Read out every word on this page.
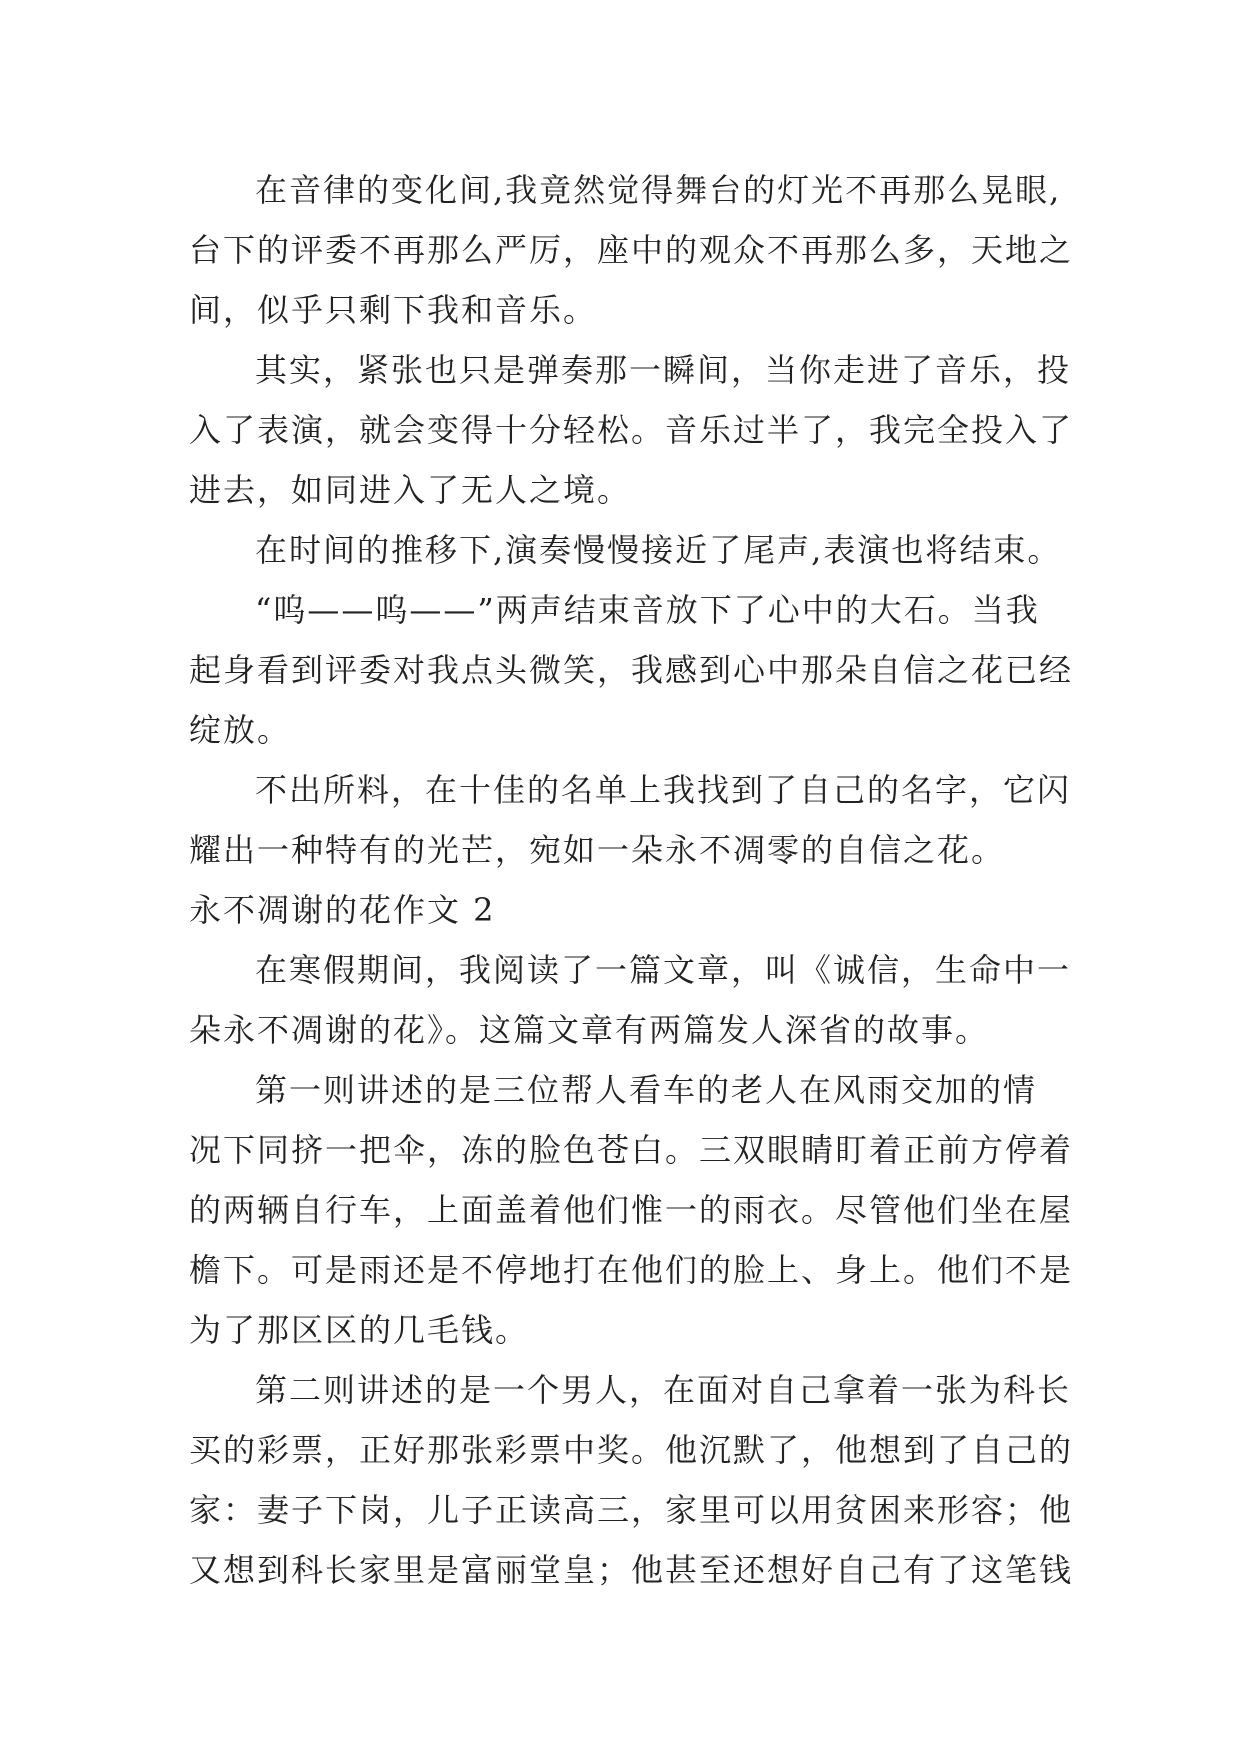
在音律的变化间,我竟然觉得舞台的灯光不再那么晃眼,
台下的评委不再那么严厉，座中的观众不再那么多，天地之
间，似乎只剩下我和音乐。
其实，紧张也只是弹奏那一瞬间，当你走进了音乐，投
入了表演，就会变得十分轻松。音乐过半了，我完全投入了
进去，如同进入了无人之境。
在时间的推移下,演奏慢慢接近了尾声,表演也将结束。
“呜——呜——”两声结束音放下了心中的大石。当我
起身看到评委对我点头微笑，我感到心中那朵自信之花已经
绽放。
不出所料，在十佳的名单上我找到了自己的名字，它闪
耀出一种特有的光芒，宛如一朵永不凋零的自信之花。
永不凋谢的花作文 2
在寒假期间，我阅读了一篇文章，叫《诚信，生命中一
朵永不凋谢的花》。这篇文章有两篇发人深省的故事。
第一则讲述的是三位帮人看车的老人在风雨交加的情
况下同挤一把伞，冻的脸色苍白。三双眼睛盯着正前方停着
的两辆自行车，上面盖着他们惟一的雨衣。尽管他们坐在屋
檐下。可是雨还是不停地打在他们的脸上、身上。他们不是
为了那区区的几毛钱。
第二则讲述的是一个男人，在面对自己拿着一张为科长
买的彩票，正好那张彩票中奖。他沉默了，他想到了自己的
家：妻子下岗，儿子正读高三，家里可以用贫困来形容；他
又想到科长家里是富丽堂皇；他甚至还想好自己有了这笔钱
